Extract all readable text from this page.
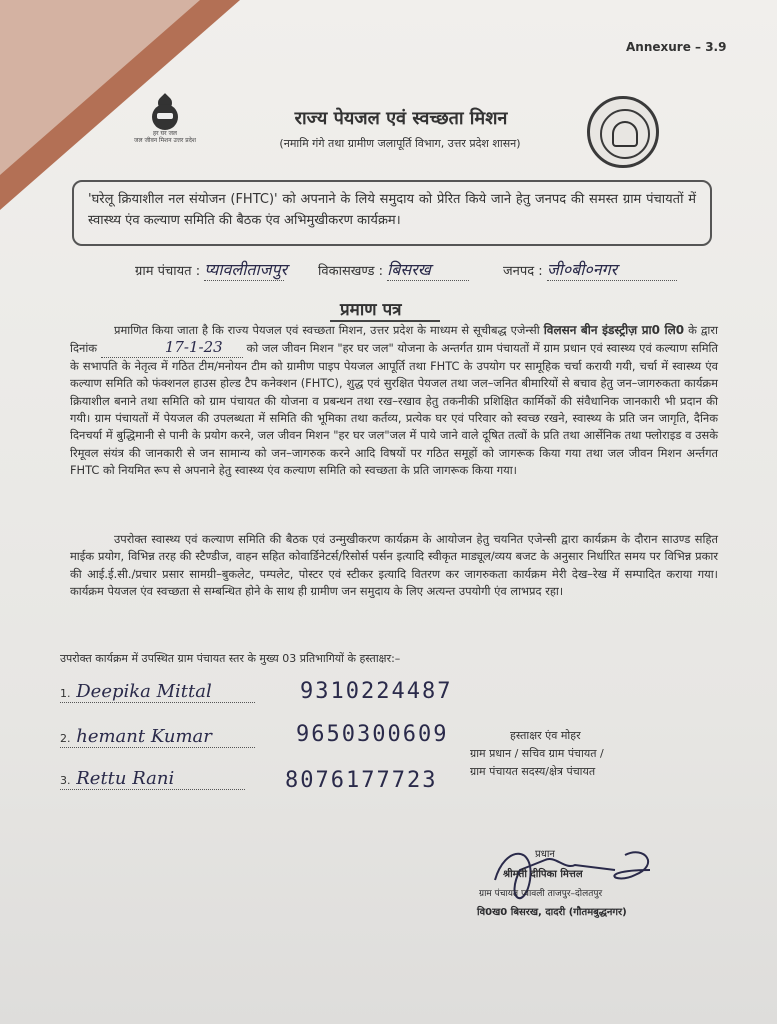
Annexure – 3.9
हर घर जल
जल जीवन मिशन उत्तर प्रदेश
राज्य पेयजल एवं स्वच्छता मिशन
(नमामि गंगे तथा ग्रामीण जलापूर्ति विभाग, उत्तर प्रदेश शासन)
'घरेलू क्रियाशील नल संयोजन (FHTC)' को अपनाने के लिये समुदाय को प्रेरित किये जाने हेतु जनपद की समस्त ग्राम पंचायतों में स्वास्थ्य एंव कल्याण समिति की बैठक एंव अभिमुखीकरण कार्यक्रम।
ग्राम पंचायत : प्यावलीताजपुर विकासखण्ड : बिसरख	जनपद : जी०बी०नगर
प्रमाण पत्र
प्रमाणित किया जाता है कि राज्य पेयजल एवं स्वच्छता मिशन, उत्तर प्रदेश के माध्यम से सूचीबद्ध एजेन्सी विलसन बीन इंडस्ट्रीज़ प्रा0 लि0 के द्वारा दिनांक	17-1-23 को जल जीवन मिशन "हर घर जल" योजना के अन्तर्गत ग्राम पंचायतों में ग्राम प्रधान एवं स्वास्थ्य एवं कल्याण समिति के सभापति के नेतृत्व में गठित टीम/मनोयन टीम को ग्रामीण पाइप पेयजल आपूर्ति तथा FHTC के उपयोग पर सामूहिक चर्चा करायी गयी, चर्चा में स्वास्थ्य एंव कल्याण समिति को फंक्शनल हाउस होल्ड टैप कनेक्शन (FHTC), शुद्ध एवं सुरक्षित पेयजल तथा जल–जनित बीमारियों से बचाव हेतु जन–जागरुकता कार्यक्रम क्रियाशील बनाने तथा समिति को ग्राम पंचायत की योजना व प्रबन्धन तथा रख–रखाव हेतु तकनीकी प्रशिक्षित कार्मिकों की संवैधानिक जानकारी भी प्रदान की गयी। ग्राम पंचायतों में पेयजल की उपलब्धता में समिति की भूमिका तथा कर्तव्य, प्रत्येक घर एवं परिवार को स्वच्छ रखने, स्वास्थ्य के प्रति जन जागृति, दैनिक दिनचर्या में बुद्धिमानी से पानी के प्रयोग करने, जल जीवन मिशन "हर घर जल"जल में पाये जाने वाले दूषित तत्वों के प्रति तथा आर्सेनिक तथा फ्लोराइड व उसके रिमूवल संयंत्र की जानकारी से जन सामान्य को जन–जागरुक करने आदि विषयों पर गठित समूहों को जागरूक किया गया तथा जल जीवन मिशन अर्न्तगत FHTC को नियमित रूप से अपनाने हेतु स्वास्थ्य एंव कल्याण समिति को स्वच्छता के प्रति जागरूक किया गया।
उपरोक्त स्वास्थ्य एवं कल्याण समिति की बैठक एवं उन्मुखीकरण कार्यक्रम के आयोजन हेतु चयनित एजेन्सी द्वारा कार्यक्रम के दौरान साउण्ड सहित माईक प्रयोग, विभिन्न तरह की स्टैण्डीज, वाहन सहित कोवार्डिनेटर्स/रिसोर्स पर्सन इत्यादि स्वीकृत माड्यूल/व्यय बजट के अनुसार निर्धारित समय पर विभिन्न प्रकार की आई.ई.सी./प्रचार प्रसार सामग्री–बुकलेट, पम्पलेट, पोस्टर एवं स्टीकर इत्यादि वितरण कर जागरुकता कार्यक्रम मेरी देख–रेख में सम्पादित कराया गया। कार्यक्रम पेयजल एंव स्वच्छता से सम्बन्धित होने के साथ ही ग्रामीण जन समुदाय के लिए अत्यन्त उपयोगी एंव लाभप्रद रहा।
उपरोक्त कार्यक्रम में उपस्थित ग्राम पंचायत स्तर के मुख्य 03 प्रतिभागियों के हस्ताक्षर:–
1. Deepika Mittal	9310224487
2. hemant Kumar	9650300609
3. Rettu Rani	8076177723
हस्ताक्षर एंव मोहर
ग्राम प्रधान / सचिव ग्राम पंचायत /
ग्राम पंचायत सदस्य/क्षेत्र पंचायत
प्रधान
श्रीमती दीपिका मित्तल
ग्राम पंचायत प्यावली ताजपुर–दोलतपुर
वि0ख0 बिसरख, दादरी (गौतमबुद्धनगर)
